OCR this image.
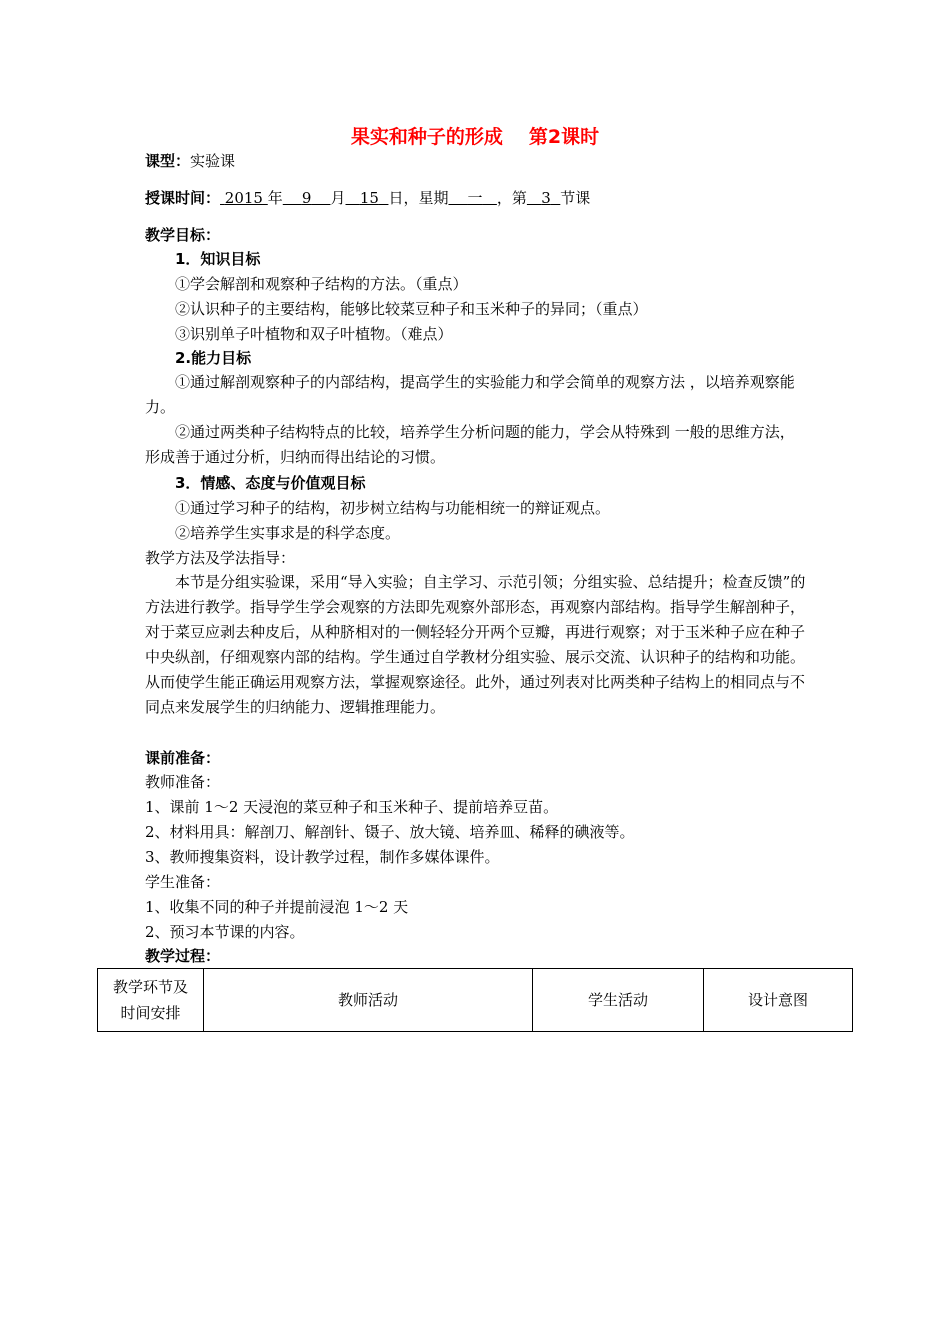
果实和种子的形成 第2课时
课型：实验课
授课时间： 2015 年 9 月 15 日，星期 一 ，第 3 节课
教学目标：
1．知识目标
①学会解剖和观察种子结构的方法。（重点）
②认识种子的主要结构，能够比较菜豆种子和玉米种子的异同；（重点）
③识别单子叶植物和双子叶植物。（难点）
2.能力目标
①通过解剖观察种子的内部结构，提高学生的实验能力和学会简单的观察方法 ，以培养观察能力。
②通过两类种子结构特点的比较，培养学生分析问题的能力，学会从特殊到 一般的思维方法，形成善于通过分析，归纳而得出结论的习惯。
3．情感、态度与价值观目标
①通过学习种子的结构，初步树立结构与功能相统一的辩证观点。
②培养学生实事求是的科学态度。
教学方法及学法指导：
本节是分组实验课，采用“导入实验；自主学习、示范引领；分组实验、总结提升；检查反馈”的方法进行教学。指导学生学会观察的方法即先观察外部形态，再观察内部结构。指导学生解剖种子，对于菜豆应剥去种皮后，从种脐相对的一侧轻轻分开两个豆瓣，再进行观察；对于玉米种子应在种子中央纵剖，仔细观察内部的结构。学生通过自学教材分组实验、展示交流、认识种子的结构和功能。从而使学生能正确运用观察方法，掌握观察途径。此外，通过列表对比两类种子结构上的相同点与不同点来发展学生的归纳能力、逻辑推理能力。
课前准备：
教师准备：
1、课前 1～2 天浸泡的菜豆种子和玉米种子、提前培养豆苗。
2、材料用具：解剖刀、解剖针、镊子、放大镜、培养皿、稀释的碘液等。
3、教师搜集资料，设计教学过程，制作多媒体课件。
学生准备：
1、收集不同的种子并提前浸泡 1～2 天
2、预习本节课的内容。
教学过程：
教学环节及
时间安排
	教师活动	学生活动	设计意图
